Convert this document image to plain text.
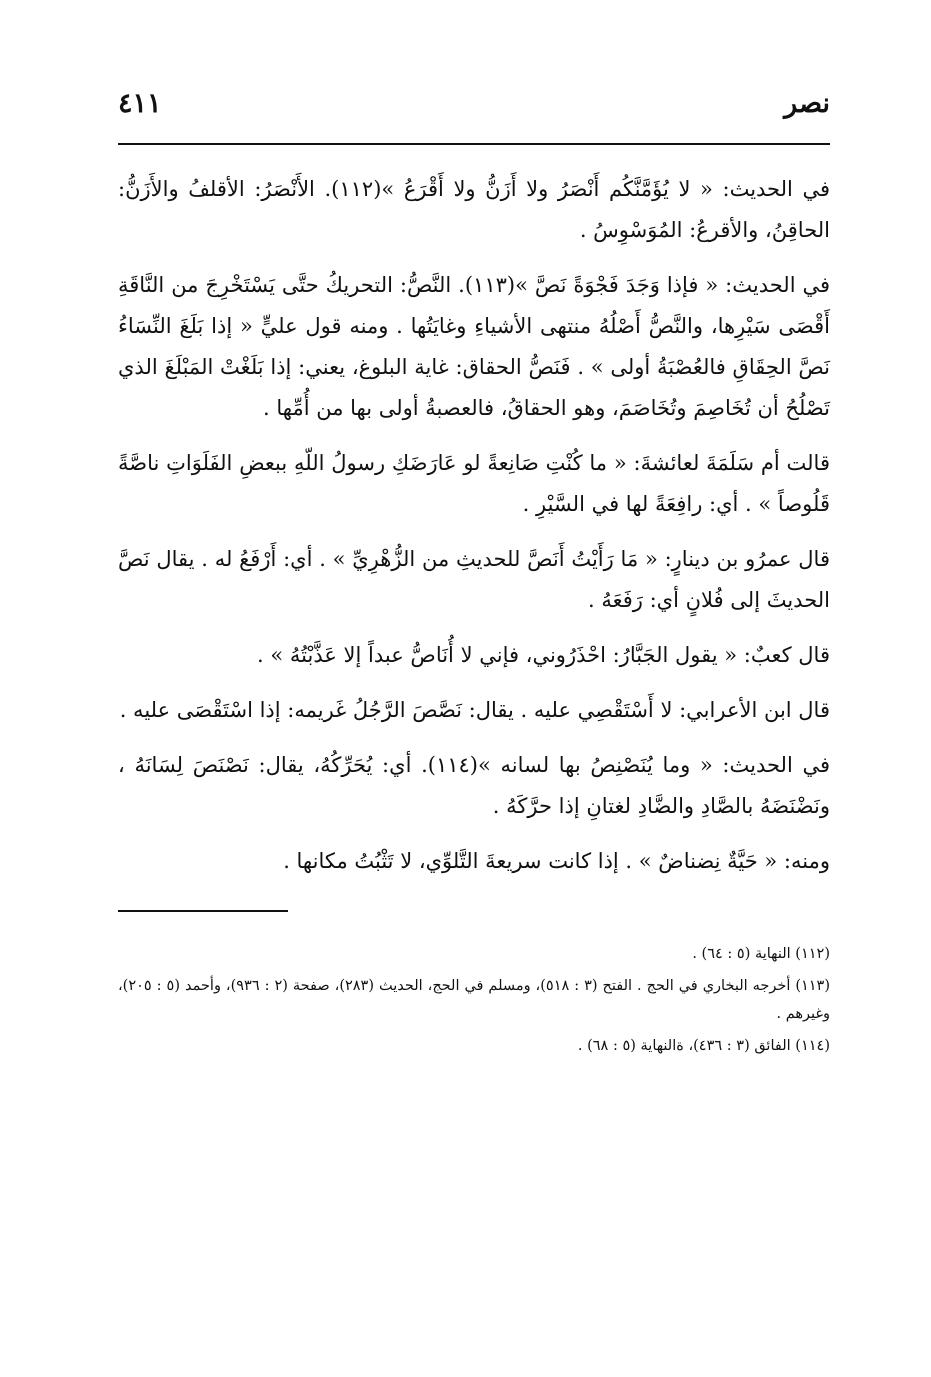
نصر
٤١١

في الحديث: « لا يُؤَمَّنَّكُم أَنْصَرُ ولا أَزَنُّ ولا أَقْرَعُ »(١١٢). الأَنْصَرُ: الأقلفُ والأَزَنُّ: الحاقِنُ، والأقرعُ: المُوَسْوِسُ .

في الحديث: « فإذا وَجَدَ فَجْوَةً نَصَّ »(١١٣). النَّصُّ: التحريكُ حتَّى يَسْتَخْرِجَ من النَّاقَةِ أَقْصَى سَيْرِها، والنَّصُّ أَصْلُهُ منتهى الأشياءِ وغايَتُها . ومنه قول عليٍّ « إذا بَلَغَ النِّسَاءُ نَصَّ الحِقَاقِ فالعُصْبَةُ أولى » . فَنَصُّ الحقاق: غاية البلوغ، يعني: إذا بَلَغْتْ المَبْلَغَ الذي تَصْلُحُ أن تُخَاصِمَ وتُخَاصَمَ، وهو الحقاقُ، فالعصبةُ أولى بها من أُمِّها .

قالت أم سَلَمَةَ لعائشةَ: « ما كُنْتِ صَانِعةً لو عَارَضَكِ رسولُ اللّهِ ببعضِ الفَلَوَاتِ ناصَّةً قَلُوصاً » . أي: رافِعَةً لها في السَّيْرِ .

قال عمرُو بن دينارٍ: « مَا رَأَيْتُ أَنَصَّ للحديثِ من الزُّهْرِيِّ » . أي: أَرْفَعُ له . يقال نَصَّ الحديثَ إلى فُلانٍ أي: رَفَعَهُ .

قال كعبٌ: « يقول الجَبَّارُ: احْذَرُوني، فإني لا أُنَاصُّ عبداً إلا عَذَّبْتُهُ » .

قال ابن الأعرابي: لا أَسْتَقْصِي عليه . يقال: نَصَّصَ الرَّجُلُ غَريمه: إذا اسْتَقْصَى عليه .

في الحديث: « وما يُنَصْنِصُ بها لسانه »(١١٤). أي: يُحَرِّكُهُ، يقال: نَصْنَصَ لِسَانَهُ ، ونَضْنَضَهُ بالصَّادِ والضَّادِ لغتانِ إذا حرَّكَهُ .

ومنه: « حَيَّةٌ نِضناضٌ » . إذا كانت سريعةَ التَّلوِّي، لا تَثْبُتُ مكانها .

(١١٢) النهاية (٥ : ٦٤) .

(١١٣) أخرجه البخاري في الحج . الفتح (٣ : ٥١٨)، ومسلم في الحج، الحديث (٢٨٣)، صفحة (٢ : ٩٣٦)، وأحمد (٥ : ٢٠٥)، وغيرهم .

(١١٤) الفائق (٣ : ٤٣٦)، ةالنهاية (٥ : ٦٨) .
